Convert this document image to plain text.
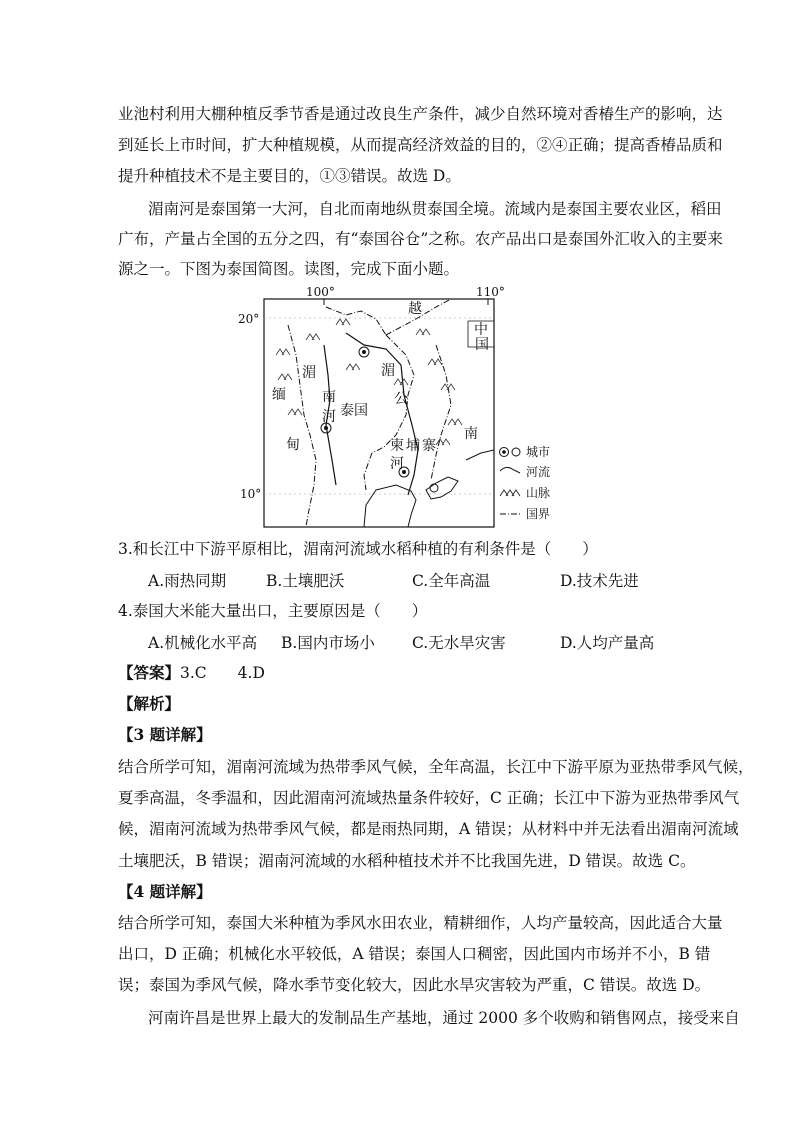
业池村利用大棚种植反季节香是通过改良生产条件，减少自然环境对香椿生产的影响，达
到延长上市时间，扩大种植规模，从而提高经济效益的目的，②④正确；提高香椿品质和
提升种植技术不是主要目的，①③错误。故选 D。
湄南河是泰国第一大河，自北而南地纵贯泰国全境。流域内是泰国主要农业区，稻田
广布，产量占全国的五分之四，有“泰国谷仓”之称。农产品出口是泰国外汇收入的主要来
源之一。下图为泰国简图。读图，完成下面小题。
100°	110°
20°
10°
中
国
越
缅
甸
湄
南
河 泰国
湄
公
柬 埔 寨
河
南
城市
河流
山脉
国界
3.和长江中下游平原相比，湄南河流域水稻种植的有利条件是（　　）
A.雨热同期	B.土壤肥沃	C.全年高温	D.技术先进
4.泰国大米能大量出口，主要原因是（　　）
A.机械化水平高 B.国内市场小 C.无水旱灾害	D.人均产量高
【答案】3.C　　4.D
【解析】
【3 题详解】
结合所学可知，湄南河流域为热带季风气候，全年高温，长江中下游平原为亚热带季风气候，
夏季高温，冬季温和，因此湄南河流域热量条件较好，C 正确；长江中下游为亚热带季风气
候，湄南河流域为热带季风气候，都是雨热同期，A 错误；从材料中并无法看出湄南河流域
土壤肥沃，B 错误；湄南河流域的水稻种植技术并不比我国先进，D 错误。故选 C。
【4 题详解】
结合所学可知，泰国大米种植为季风水田农业，精耕细作，人均产量较高，因此适合大量
出口，D 正确；机械化水平较低，A 错误；泰国人口稠密，因此国内市场并不小，B 错
误；泰国为季风气候，降水季节变化较大，因此水旱灾害较为严重，C 错误。故选 D。
河南许昌是世界上最大的发制品生产基地，通过 2000 多个收购和销售网点，接受来自
